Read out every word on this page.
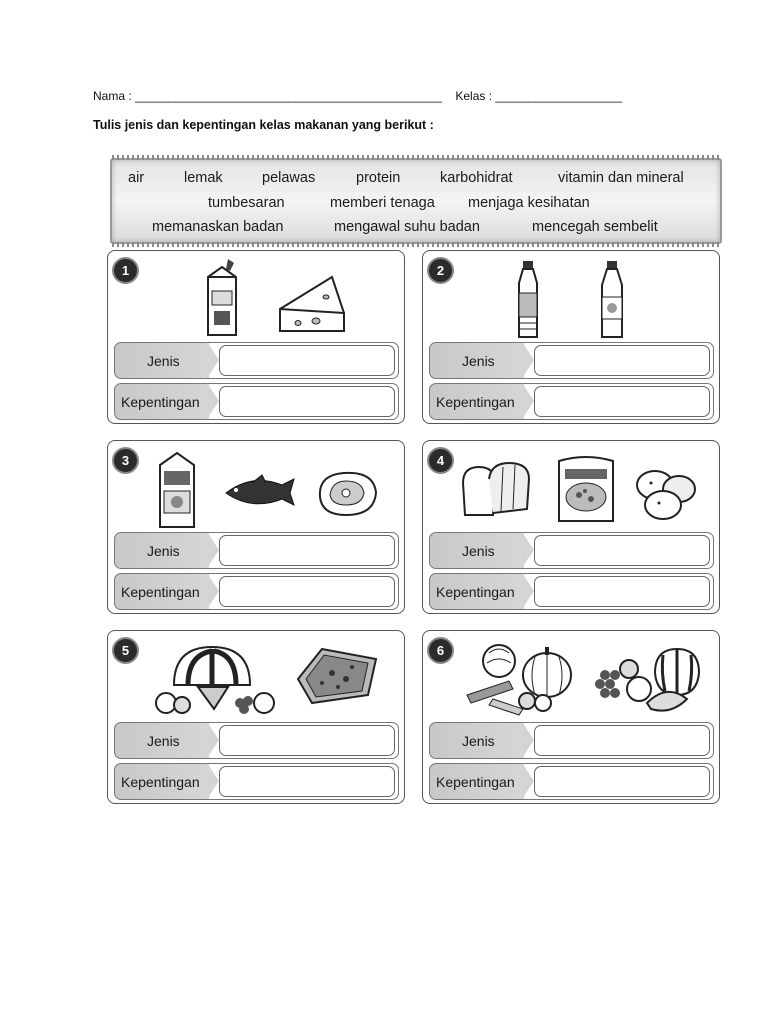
Nama : ______________________________________________ Kelas : ___________________
Tulis jenis dan kepentingan kelas makanan yang berikut :
air	lemak	pelawas	protein	karbohidrat	vitamin dan mineral
tumbesaran	memberi tenaga menjaga kesihatan
memanaskan badan	mengawal suhu badan	mencegah sembelit
1
Jenis
Kepentingan
2
Jenis
Kepentingan
3
Jenis
Kepentingan
4
Jenis
Kepentingan
5
Jenis
Kepentingan
6
Jenis
Kepentingan
